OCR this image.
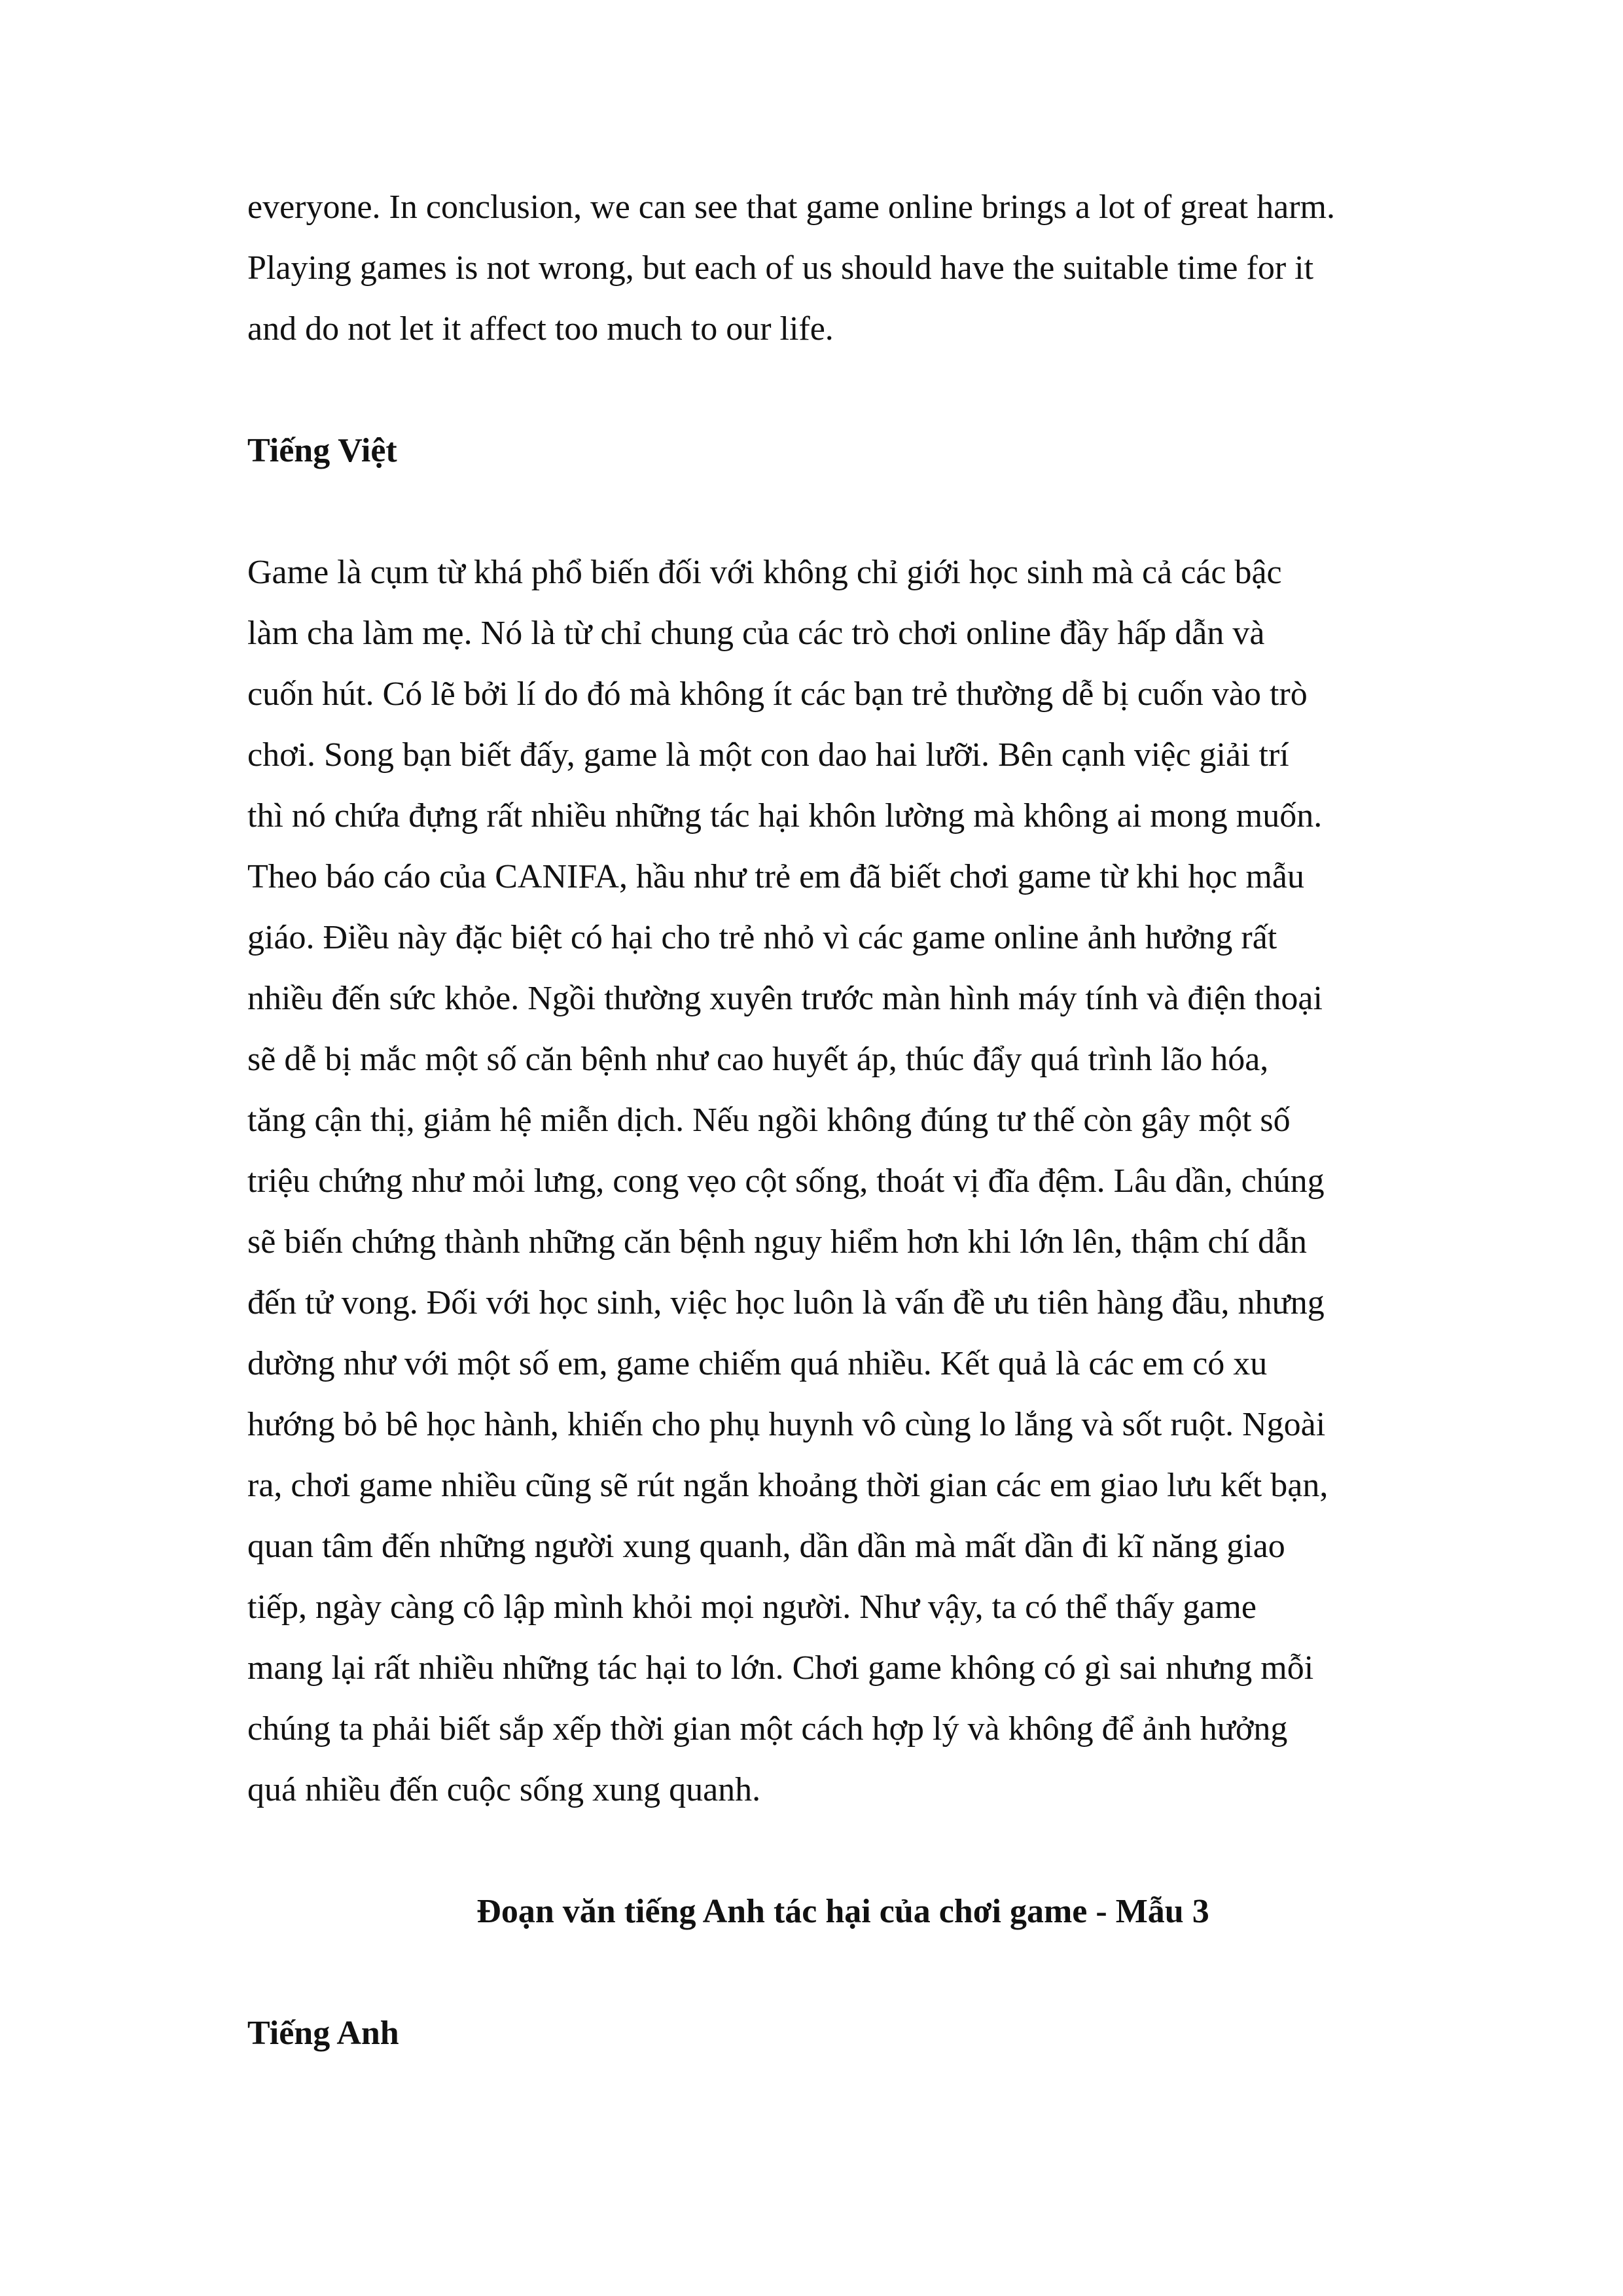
everyone. In conclusion, we can see that game online brings a lot of great harm.
Playing games is not wrong, but each of us should have the suitable time for it
and do not let it affect too much to our life.
Tiếng Việt
Game là cụm từ khá phổ biến đối với không chỉ giới học sinh mà cả các bậc
làm cha làm mẹ. Nó là từ chỉ chung của các trò chơi online đầy hấp dẫn và
cuốn hút. Có lẽ bởi lí do đó mà không ít các bạn trẻ thường dễ bị cuốn vào trò
chơi. Song bạn biết đấy, game là một con dao hai lưỡi. Bên cạnh việc giải trí
thì nó chứa đựng rất nhiều những tác hại khôn lường mà không ai mong muốn.
Theo báo cáo của CANIFA, hầu như trẻ em đã biết chơi game từ khi học mẫu
giáo. Điều này đặc biệt có hại cho trẻ nhỏ vì các game online ảnh hưởng rất
nhiều đến sức khỏe. Ngồi thường xuyên trước màn hình máy tính và điện thoại
sẽ dễ bị mắc một số căn bệnh như cao huyết áp, thúc đẩy quá trình lão hóa,
tăng cận thị, giảm hệ miễn dịch. Nếu ngồi không đúng tư thế còn gây một số
triệu chứng như mỏi lưng, cong vẹo cột sống, thoát vị đĩa đệm. Lâu dần, chúng
sẽ biến chứng thành những căn bệnh nguy hiểm hơn khi lớn lên, thậm chí dẫn
đến tử vong. Đối với học sinh, việc học luôn là vấn đề ưu tiên hàng đầu, nhưng
dường như với một số em, game chiếm quá nhiều. Kết quả là các em có xu
hướng bỏ bê học hành, khiến cho phụ huynh vô cùng lo lắng và sốt ruột. Ngoài
ra, chơi game nhiều cũng sẽ rút ngắn khoảng thời gian các em giao lưu kết bạn,
quan tâm đến những người xung quanh, dần dần mà mất dần đi kĩ năng giao
tiếp, ngày càng cô lập mình khỏi mọi người. Như vậy, ta có thể thấy game
mang lại rất nhiều những tác hại to lớn. Chơi game không có gì sai nhưng mỗi
chúng ta phải biết sắp xếp thời gian một cách hợp lý và không để ảnh hưởng
quá nhiều đến cuộc sống xung quanh.
Đoạn văn tiếng Anh tác hại của chơi game - Mẫu 3
Tiếng Anh
